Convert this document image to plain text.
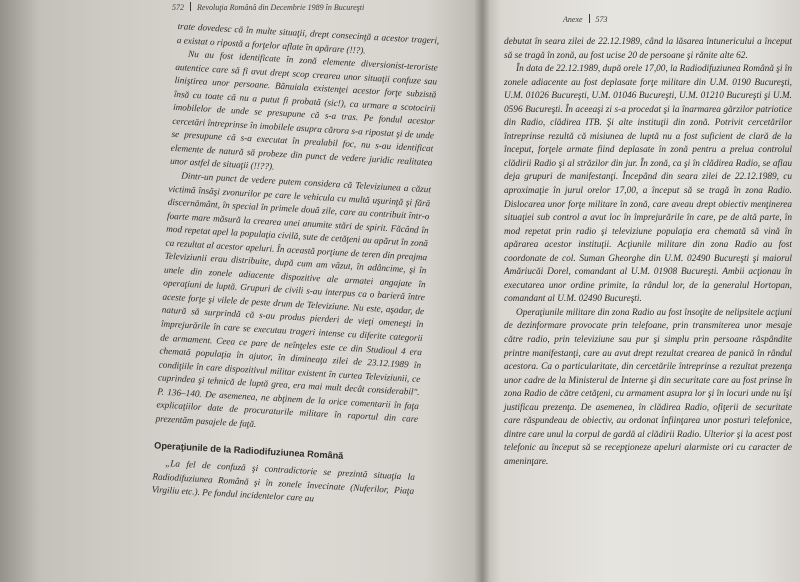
572 Revoluţia Română din Decembrie 1989 în Bucureşti

trate dovedesc că în multe situaţii, drept consecinţă a acestor trageri, a existat o ripostă a forţelor aflate în apărare (!!?).

Nu au fost identificate în zonă elemente diversionist-teroriste autentice care să fi avut drept scop crearea unor situaţii confuze sau liniştirea unor persoane. Bănuiala existenţei acestor forţe subzistă însă cu toate că nu a putut fi probată (sic!), ca urmare a scotocirii imobilelor de unde se presupune că s-a tras. Pe fondul acestor cercetări întreprinse în imobilele asupra cărora s-a ripostat şi de unde se presupune că s-a executat în prealabil foc, nu s-au identificat elemente de natură să probeze din punct de vedere juridic realitatea unor astfel de situaţii (!!??).

Dintr-un punct de vedere putem considera că Televiziunea a căzut victimă însăşi zvonurilor pe care le vehicula cu multă uşurinţă şi fără discernământ, în special în primele două zile, care au contribuit într-o foarte mare măsură la crearea unei anumite stări de spirit. Făcând în mod repetat apel la populaţia civilă, sute de cetăţeni au apărut în zonă ca rezultat al acestor apeluri. În această porţiune de teren din preajma Televiziunii erau distribuite, după cum am văzut, în adâncime, şi în unele din zonele adiacente dispozitive ale armatei angajate în operaţiuni de luptă. Grupuri de civili s-au interpus ca o barieră între aceste forţe şi vilele de peste drum de Televiziune. Nu este, aşadar, de natură să surprindă că s-au produs pierderi de vieţi omeneşti în împrejurările în care se executau trageri intense cu diferite categorii de armament. Ceea ce pare de neînţeles este ce din Studioul 4 era chemată populaţia în ajutor, în dimineaţa zilei de 23.12.1989 în condiţiile în care dispozitivul militar existent în curtea Televiziunii, ce cuprindea şi tehnică de luptă grea, era mai mult decât considerabil". P. 136–140. De asemenea, ne abţinem de la orice comentarii în faţa explicaţiilor date de procuraturile militare în raportul din care prezentăm pasajele de faţă.

Operaţiunile de la Radiodifuziunea Română

„La fel de confuză şi contradictorie se prezintă situaţia la Radiodifuziunea Română şi în zonele învecinate (Nuferilor, Piaţa Virgiliu etc.). Pe fondul incidentelor care au

Anexe 573

debutat în seara zilei de 22.12.1989, când la lăsarea întunericului a început să se tragă în zonă, au fost ucise 20 de persoane şi rănite alte 62.

În data de 22.12.1989, după orele 17,00, la Radiodifuziunea Română şi în zonele adiacente au fost deplasate forţe militare din U.M. 0190 Bucureşti, U.M. 01026 Bucureşti, U.M. 01046 Bucureşti, U.M. 01210 Bucureşti şi U.M. 0596 Bucureşti. În aceeaşi zi s-a procedat şi la înarmarea gărzilor patriotice din Radio, clădirea ITB. Şi alte instituţii din zonă. Potrivit cercetărilor întreprinse rezultă că misiunea de luptă nu a fost suficient de clară de la început, forţele armate fiind deplasate în zonă pentru a prelua controlul clădirii Radio şi al străzilor din jur. În zonă, ca şi în clădirea Radio, se aflau deja grupuri de manifestanţi. Începând din seara zilei de 22.12.1989, cu aproximaţie în jurul orelor 17,00, a început să se tragă în zona Radio. Dislocarea unor forţe militare în zonă, care aveau drept obiectiv menţinerea situaţiei sub control a avut loc în împrejurările în care, pe de altă parte, în mod repetat prin radio şi televiziune populaţia era chemată să vină în apărarea acestor instituţii. Acţiunile militare din zona Radio au fost coordonate de col. Suman Gheorghe din U.M. 02490 Bucureşti şi maiorul Amăriucăi Dorel, comandant al U.M. 01908 Bucureşti. Ambii acţionau în executarea unor ordine primite, la rândul lor, de la generalul Hortopan, comandant al U.M. 02490 Bucureşti.

Operaţiunile militare din zona Radio au fost însoţite de nelipsitele acţiuni de dezinformare provocate prin telefoane, prin transmiterea unor mesaje către radio, prin televiziune sau pur şi simplu prin persoane răspândite printre manifestanţi, care au avut drept rezultat crearea de panică în rândul acestora. Ca o particularitate, din cercetările întreprinse a rezultat prezenţa unor cadre de la Ministerul de Interne şi din securitate care au fost prinse în zona Radio de către cetăţeni, cu armament asupra lor şi în locuri unde nu îşi justificau prezenţa. De asemenea, în clădirea Radio, ofiţerii de securitate care răspundeau de obiectiv, au ordonat înfiinţarea unor posturi telefonice, dintre care unul la corpul de gardă al clădirii Radio. Ulterior şi la acest post telefonic au început să se recepţioneze apeluri alarmiste ori cu caracter de ameninţare.
